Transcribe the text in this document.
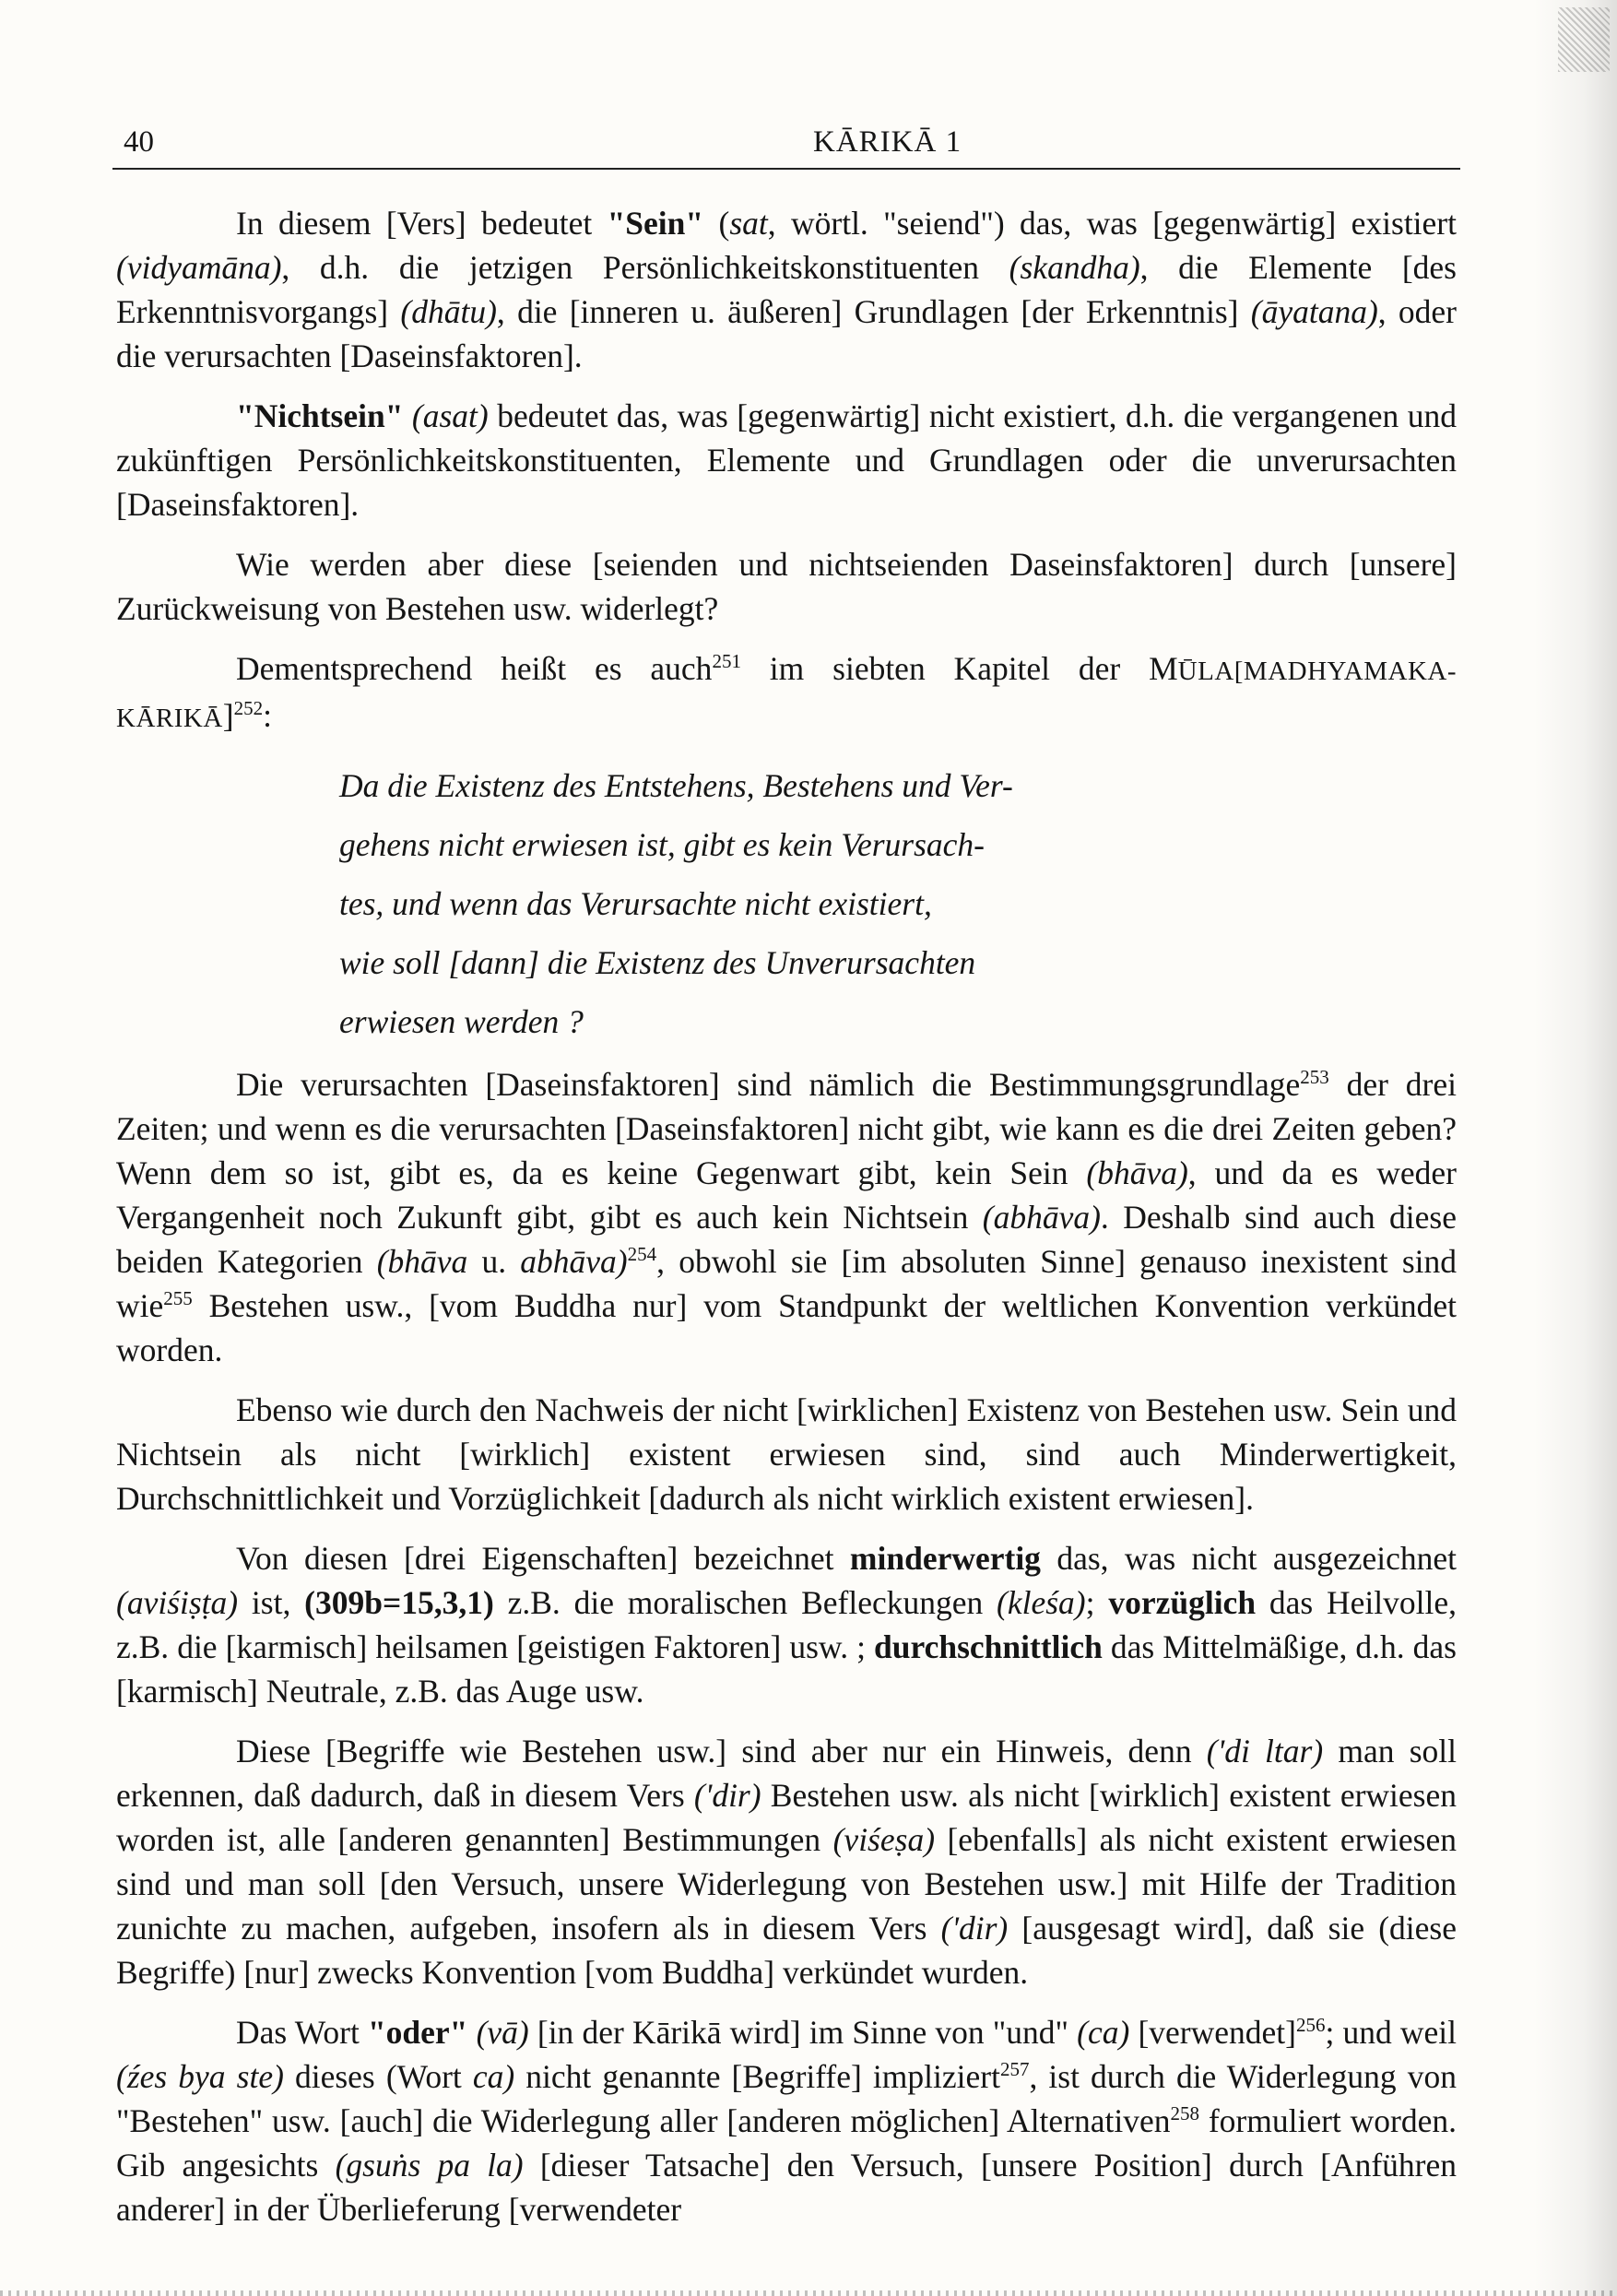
40	KĀRIKĀ 1

In diesem [Vers] bedeutet "Sein" (sat, wörtl. "seiend") das, was [gegenwärtig] existiert (vidyamāna), d.h. die jetzigen Persönlichkeitskonstituenten (skandha), die Elemente [des Erkenntnisvorgangs] (dhātu), die [inneren u. äußeren] Grundlagen [der Erkenntnis] (āyatana), oder die verursachten [Daseinsfaktoren].

"Nichtsein" (asat) bedeutet das, was [gegenwärtig] nicht existiert, d.h. die vergangenen und zukünftigen Persönlichkeitskonstituenten, Elemente und Grundlagen oder die unverursachten [Daseinsfaktoren].

Wie werden aber diese [seienden und nichtseienden Daseinsfaktoren] durch [unsere] Zurückweisung von Bestehen usw. widerlegt?

Dementsprechend heißt es auch$^{251}$ im siebten Kapitel der MŪLA[MADHYAMAKA- KĀRIKĀ]$^{252}$:

Da die Existenz des Entstehens, Bestehens und Ver-
gehens nicht erwiesen ist, gibt es kein Verursach-
tes, und wenn das Verursachte nicht existiert,
wie soll [dann] die Existenz des Unverursachten
erwiesen werden ?

Die verursachten [Daseinsfaktoren] sind nämlich die Bestimmungsgrundlage$^{253}$ der drei Zeiten; und wenn es die verursachten [Daseinsfaktoren] nicht gibt, wie kann es die drei Zeiten geben? Wenn dem so ist, gibt es, da es keine Gegenwart gibt, kein Sein (bhāva), und da es weder Vergangenheit noch Zukunft gibt, gibt es auch kein Nichtsein (abhāva). Deshalb sind auch diese beiden Kategorien (bhāva u. abhāva)$^{254}$, obwohl sie [im absoluten Sinne] genauso inexistent sind wie$^{255}$ Bestehen usw., [vom Buddha nur] vom Standpunkt der weltlichen Konvention verkündet worden.

Ebenso wie durch den Nachweis der nicht [wirklichen] Existenz von Bestehen usw. Sein und Nichtsein als nicht [wirklich] existent erwiesen sind, sind auch Minderwertigkeit, Durchschnittlichkeit und Vorzüglichkeit [dadurch als nicht wirklich existent erwiesen].

Von diesen [drei Eigenschaften] bezeichnet minderwertig das, was nicht ausgezeichnet (aviśiṣṭa) ist, (309b=15,3,1) z.B. die moralischen Befleckungen (kleśa); vorzüglich das Heilvolle, z.B. die [karmisch] heilsamen [geistigen Faktoren] usw. ; durchschnittlich das Mittelmäßige, d.h. das [karmisch] Neutrale, z.B. das Auge usw.

Diese [Begriffe wie Bestehen usw.] sind aber nur ein Hinweis, denn ('di ltar) man soll erkennen, daß dadurch, daß in diesem Vers ('dir) Bestehen usw. als nicht [wirklich] existent erwiesen worden ist, alle [anderen genannten] Bestimmungen (viśeṣa) [ebenfalls] als nicht existent erwiesen sind und man soll [den Versuch, unsere Widerlegung von Bestehen usw.] mit Hilfe der Tradition zunichte zu machen, aufgeben, insofern als in diesem Vers ('dir) [ausgesagt wird], daß sie (diese Begriffe) [nur] zwecks Konvention [vom Buddha] verkündet wurden.

Das Wort "oder" (vā) [in der Kārikā wird] im Sinne von "und" (ca) [verwendet]$^{256}$; und weil (źes bya ste) dieses (Wort ca) nicht genannte [Begriffe] impliziert$^{257}$, ist durch die Widerlegung von "Bestehen" usw. [auch] die Widerlegung aller [anderen möglichen] Alternativen$^{258}$ formuliert worden. Gib angesichts (gsuṅs pa la) [dieser Tatsache] den Versuch, [unsere Position] durch [Anführen anderer] in der Überlieferung [verwendeter
